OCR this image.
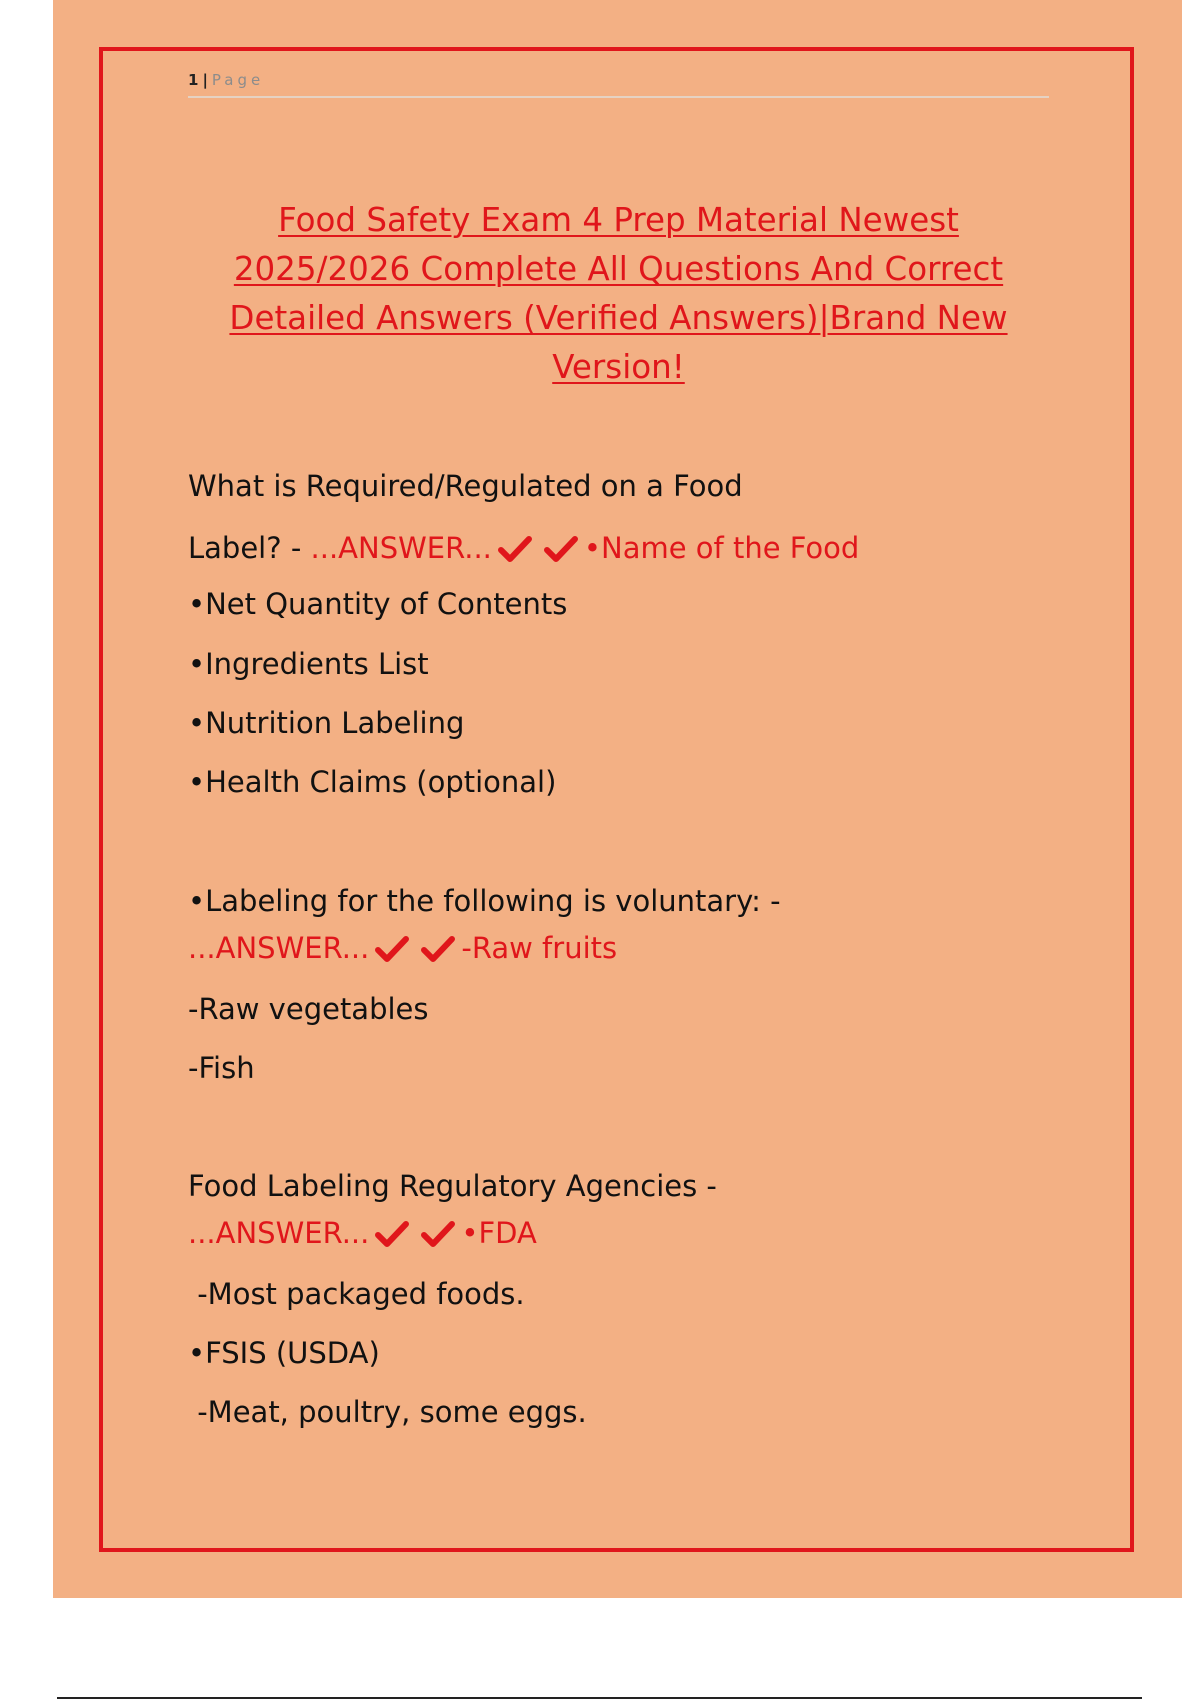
1 | Page
Food Safety Exam 4 Prep Material Newest
2025/2026 Complete All Questions And Correct
Detailed Answers (Verified Answers)|Brand New
Version!

What is Required/Regulated on a Food

Label? - ...ANSWER...	•Name of the Food

•Net Quantity of Contents

•Ingredients List

•Nutrition Labeling

•Health Claims (optional)

•Labeling for the following is voluntary: -

...ANSWER...	-Raw fruits

-Raw vegetables

-Fish

Food Labeling Regulatory Agencies -

...ANSWER...	•FDA

-Most packaged foods.

•FSIS (USDA)

-Meat, poultry, some eggs.
